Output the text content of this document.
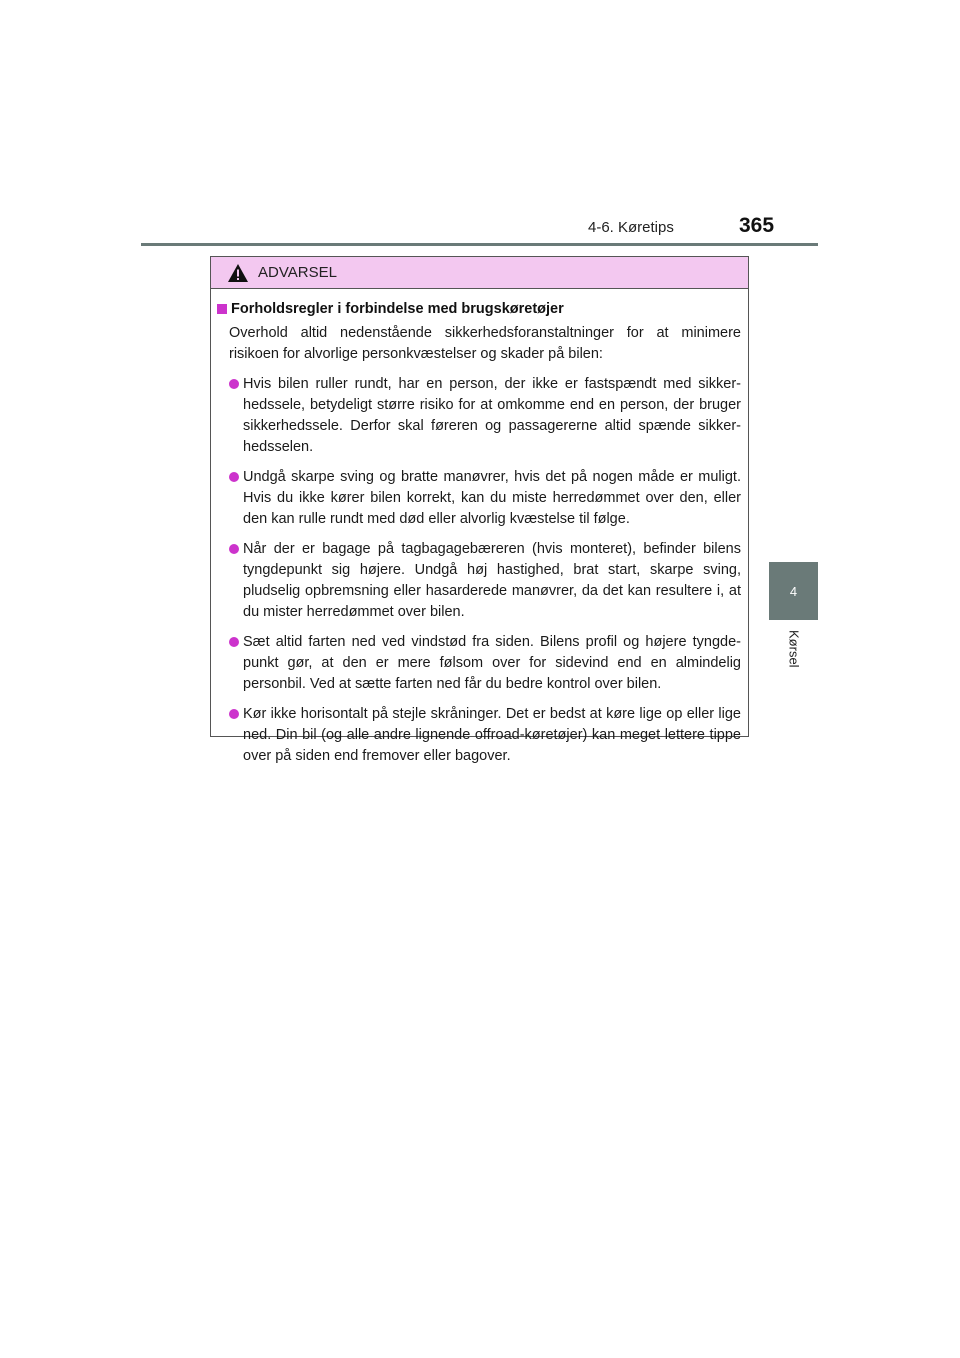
4-6. Køretips	365
4
Kørsel
ADVARSEL
Forholdsregler i forbindelse med brugskøretøjer
Overhold altid nedenstående sikkerhedsforanstaltninger for at minimere risikoen for alvorlige personkvæstelser og skader på bilen:
Hvis bilen ruller rundt, har en person, der ikke er fastspændt med sikkerhedssele, betydeligt større risiko for at omkomme end en person, der bruger sikkerhedssele. Derfor skal føreren og passagererne altid spænde sikkerhedsselen.
Undgå skarpe sving og bratte manøvrer, hvis det på nogen måde er muligt. Hvis du ikke kører bilen korrekt, kan du miste herredømmet over den, eller den kan rulle rundt med død eller alvorlig kvæstelse til følge.
Når der er bagage på tagbagagebæreren (hvis monteret), befinder bilens tyngdepunkt sig højere. Undgå høj hastighed, brat start, skarpe sving, pludselig opbremsning eller hasarderede manøvrer, da det kan resultere i, at du mister herredømmet over bilen.
Sæt altid farten ned ved vindstød fra siden. Bilens profil og højere tyngdepunkt gør, at den er mere følsom over for sidevind end en almindelig personbil. Ved at sætte farten ned får du bedre kontrol over bilen.
Kør ikke horisontalt på stejle skråninger. Det er bedst at køre lige op eller lige ned. Din bil (og alle andre lignende offroad-køretøjer) kan meget lettere tippe over på siden end fremover eller bagover.
